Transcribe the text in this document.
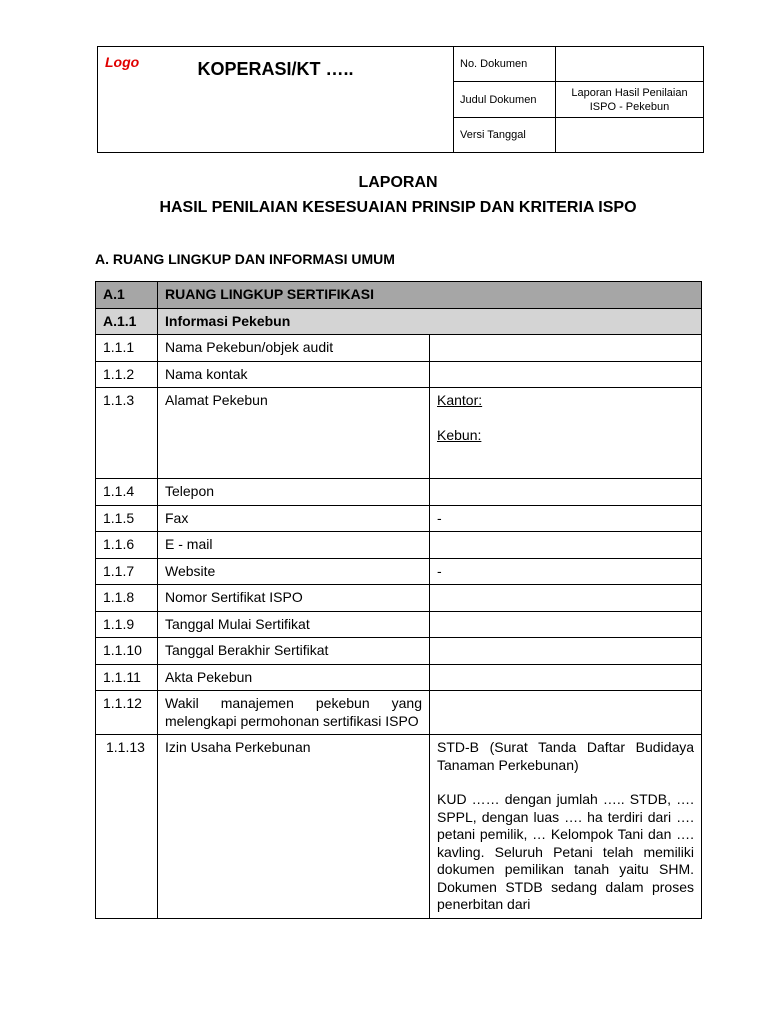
Logo KOPERASI/KT …..	No. Dokumen	
	Judul Dokumen	Laporan Hasil Penilaian
ISPO - Pekebun
	Versi Tanggal	
LAPORAN
HASIL PENILAIAN KESESUAIAN PRINSIP DAN KRITERIA ISPO
A. RUANG LINGKUP DAN INFORMASI UMUM
A.1	RUANG LINGKUP SERTIFIKASI	
A.1.1	Informasi Pekebun	
1.1.1	Nama Pekebun/objek audit	
1.1.2	Nama kontak	
1.1.3	Alamat Pekebun	Kantor:
Kebun:

1.1.4	Telepon	
1.1.5	Fax	-
1.1.6	E - mail	
1.1.7	Website	-
1.1.8	Nomor Sertifikat ISPO	
1.1.9	Tanggal Mulai Sertifikat	
1.1.10	Tanggal Berakhir Sertifikat	
1.1.11	Akta Pekebun	
1.1.12	Wakil manajemen pekebun yang melengkapi permohonan sertifikasi ISPO	
1.1.13	Izin Usaha Perkebunan	STD-B (Surat Tanda Daftar Budidaya Tanaman Perkebunan)
KUD …… dengan jumlah ….. STDB, …. SPPL, dengan luas …. ha terdiri dari …. petani pemilik, … Kelompok Tani dan …. kavling. Seluruh Petani telah memiliki dokumen pemilikan tanah yaitu SHM. Dokumen STDB sedang dalam proses penerbitan dari
